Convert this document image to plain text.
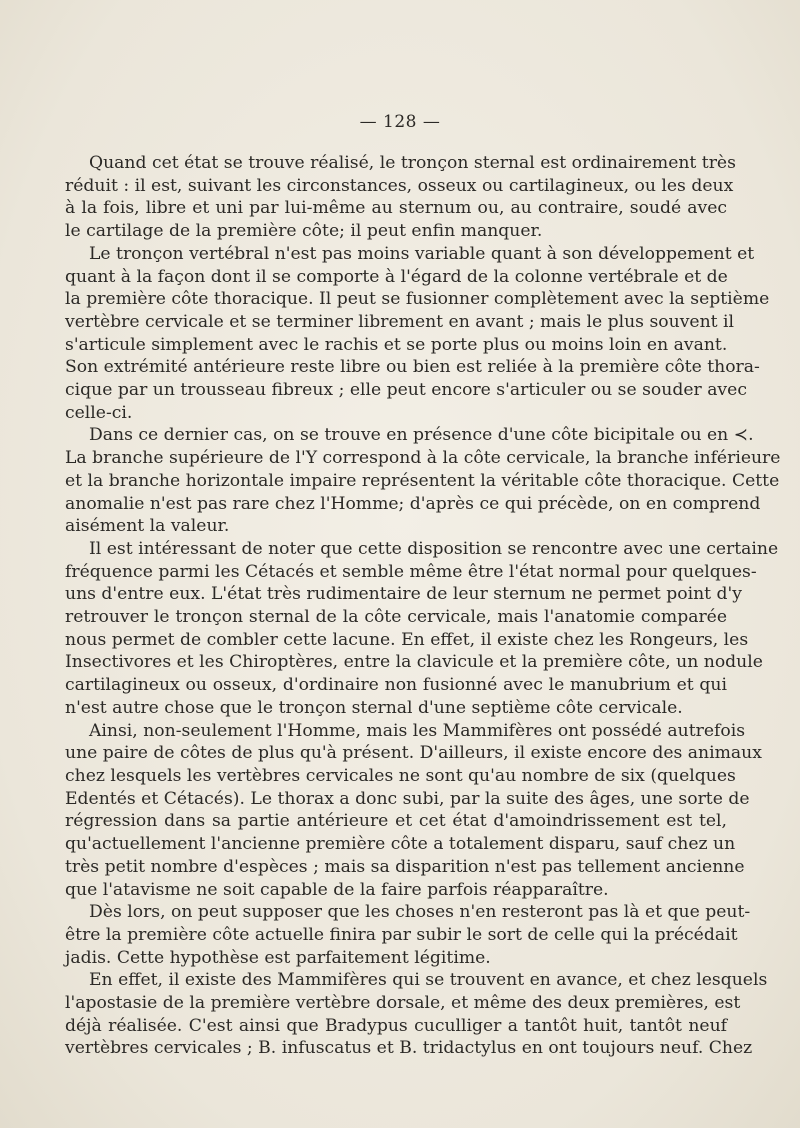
— 128 —
Quand cet état se trouve réalisé, le tronçon sternal est ordinairement très
réduit : il est, suivant les circonstances, osseux ou cartilagineux, ou les deux
à la fois, libre et uni par lui-même au sternum ou, au contraire, soudé avec
le cartilage de la première côte; il peut enfin manquer.
Le tronçon vertébral n'est pas moins variable quant à son développement et
quant à la façon dont il se comporte à l'égard de la colonne vertébrale et de
la première côte thoracique. Il peut se fusionner complètement avec la septième
vertèbre cervicale et se terminer librement en avant ; mais le plus souvent il
s'articule simplement avec le rachis et se porte plus ou moins loin en avant.
Son extrémité antérieure reste libre ou bien est reliée à la première côte thora-
cique par un trousseau fibreux ; elle peut encore s'articuler ou se souder avec
celle-ci.
Dans ce dernier cas, on se trouve en présence d'une côte bicipitale ou en ≺.
La branche supérieure de l'Y correspond à la côte cervicale, la branche inférieure
et la branche horizontale impaire représentent la véritable côte thoracique. Cette
anomalie n'est pas rare chez l'Homme; d'après ce qui précède, on en comprend
aisément la valeur.
Il est intéressant de noter que cette disposition se rencontre avec une certaine
fréquence parmi les Cétacés et semble même être l'état normal pour quelques-
uns d'entre eux. L'état très rudimentaire de leur sternum ne permet point d'y
retrouver le tronçon sternal de la côte cervicale, mais l'anatomie comparée
nous permet de combler cette lacune. En effet, il existe chez les Rongeurs, les
Insectivores et les Chiroptères, entre la clavicule et la première côte, un nodule
cartilagineux ou osseux, d'ordinaire non fusionné avec le manubrium et qui
n'est autre chose que le tronçon sternal d'une septième côte cervicale.
Ainsi, non-seulement l'Homme, mais les Mammifères ont possédé autrefois
une paire de côtes de plus qu'à présent. D'ailleurs, il existe encore des animaux
chez lesquels les vertèbres cervicales ne sont qu'au nombre de six (quelques
Edentés et Cétacés). Le thorax a donc subi, par la suite des âges, une sorte de
régression dans sa partie antérieure et cet état d'amoindrissement est tel,
qu'actuellement l'ancienne première côte a totalement disparu, sauf chez un
très petit nombre d'espèces ; mais sa disparition n'est pas tellement ancienne
que l'atavisme ne soit capable de la faire parfois réapparaître.
Dès lors, on peut supposer que les choses n'en resteront pas là et que peut-
être la première côte actuelle finira par subir le sort de celle qui la précédait
jadis. Cette hypothèse est parfaitement légitime.
En effet, il existe des Mammifères qui se trouvent en avance, et chez lesquels
l'apostasie de la première vertèbre dorsale, et même des deux premières, est
déjà réalisée. C'est ainsi que Bradypus cuculliger a tantôt huit, tantôt neuf
vertèbres cervicales ; B. infuscatus et B. tridactylus en ont toujours neuf. Chez
